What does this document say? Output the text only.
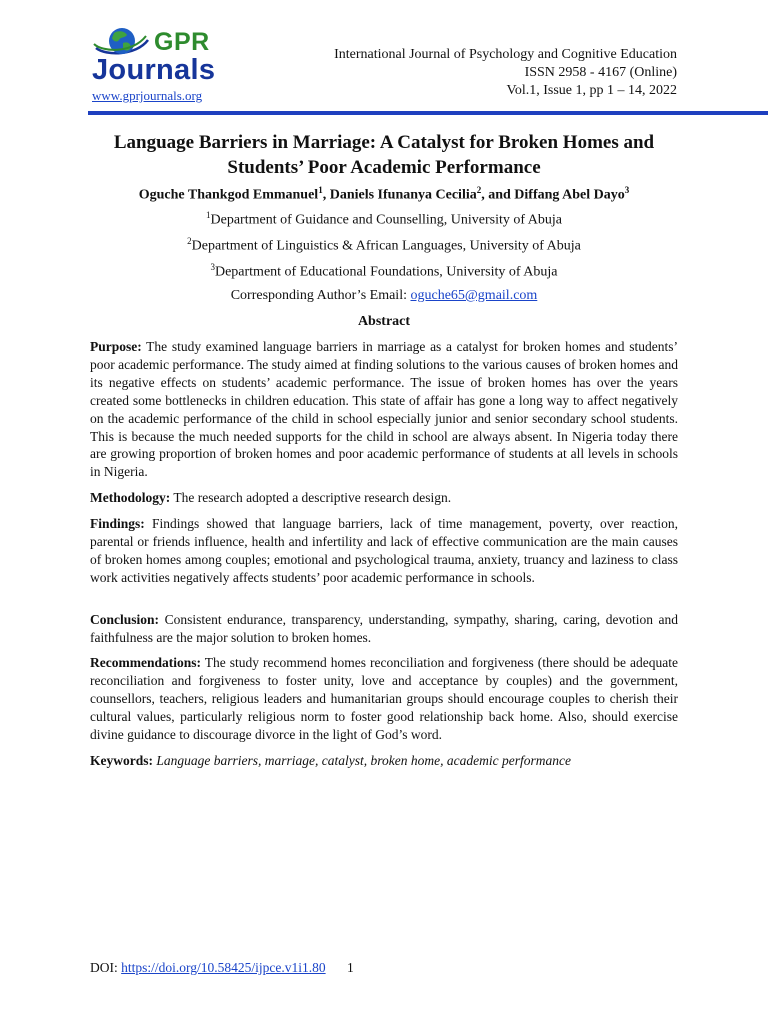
GPR
Journals
www.gprjournals.org
International Journal of Psychology and Cognitive Education
ISSN 2958 - 4167 (Online)
Vol.1, Issue 1, pp 1 – 14, 2022
Language Barriers in Marriage: A Catalyst for Broken Homes and Students’ Poor Academic Performance
Oguche Thankgod Emmanuel$^1$, Daniels Ifunanya Cecilia$^2$, and Diffang Abel Dayo$^3$
$^1$Department of Guidance and Counselling, University of Abuja
$^2$Department of Linguistics & African Languages, University of Abuja
$^3$Department of Educational Foundations, University of Abuja
Corresponding Author’s Email: oguche65@gmail.com
Abstract
Purpose: The study examined language barriers in marriage as a catalyst for broken homes and students’ poor academic performance. The study aimed at finding solutions to the various causes of broken homes and its negative effects on students’ academic performance. The issue of broken homes has over the years created some bottlenecks in children education. This state of affair has gone a long way to affect negatively on the academic performance of the child in school especially junior and senior secondary school students. This is because the much needed supports for the child in school are always absent. In Nigeria today there are growing proportion of broken homes and poor academic performance of students at all levels in schools in Nigeria.
Methodology: The research adopted a descriptive research design.
Findings: Findings showed that language barriers, lack of time management, poverty, over reaction, parental or friends influence, health and infertility and lack of effective communication are the main causes of broken homes among couples; emotional and psychological trauma, anxiety, truancy and laziness to class work activities negatively affects students’ poor academic performance in schools.
Conclusion: Consistent endurance, transparency, understanding, sympathy, sharing, caring, devotion and faithfulness are the major solution to broken homes.
Recommendations: The study recommend homes reconciliation and forgiveness (there should be adequate reconciliation and forgiveness to foster unity, love and acceptance by couples) and the government, counsellors, teachers, religious leaders and humanitarian groups should encourage couples to cherish their cultural values, particularly religious norm to foster good relationship back home. Also, should exercise divine guidance to discourage divorce in the light of God’s word.
Keywords: Language barriers, marriage, catalyst, broken home, academic performance
DOI: https://doi.org/10.58425/ijpce.v1i1.80 1
